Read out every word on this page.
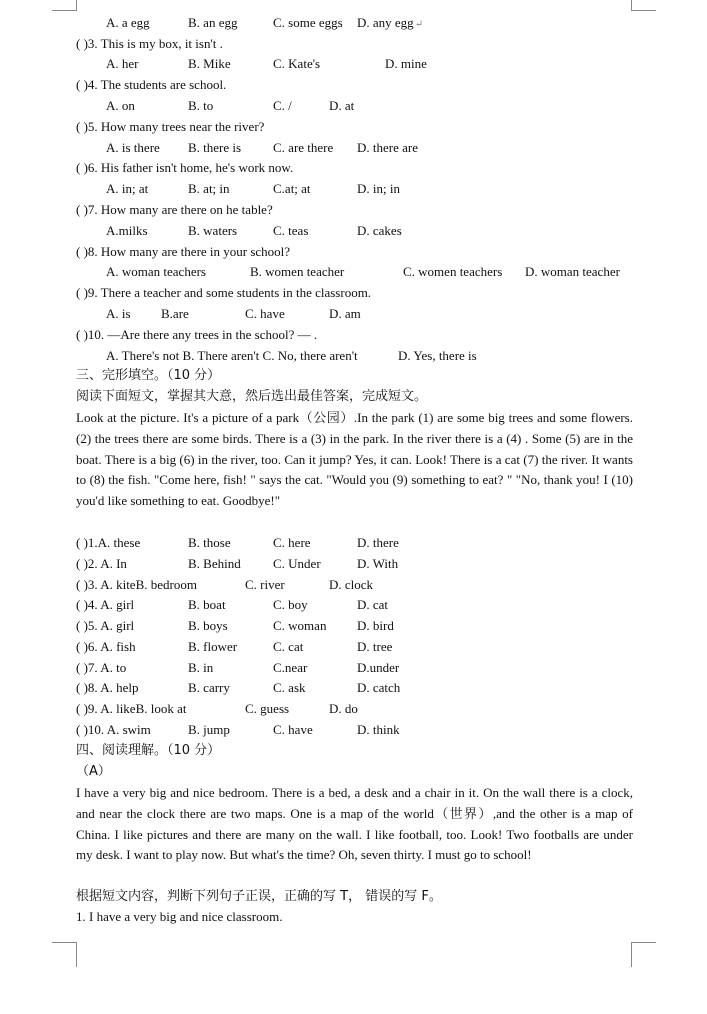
A. a egg	B. an egg	C. some eggs D. any egg↵
( )3. This is my box, it isn't .
A. her	B. Mike	C. Kate's	D. mine
( )4. The students are school.
A. on	B. to	C. /	D. at
( )5. How many trees near the river?
A. is there B. there is C. are there D. there are
( )6. His father isn't home, he's work now.
A. in; at	B. at; in	C.at; at	D. in; in
( )7. How many are there on he table?
A.milks	B. waters	C. teas	D. cakes
( )8. How many are there in your school?
A. woman teachers	B. women teacher	C. women teachers D. woman teacher
( )9. There a teacher and some students in the classroom.
A. is B.are	C. have	D. am
( )10. —Are there any trees in the school? — .
A. There's not B. There aren't C. No, there aren't	D. Yes, there is
三、完形填空。（10 分）
阅读下面短文，掌握其大意，然后选出最佳答案，完成短文。

Look at the picture. It's a picture of a park（公园）.In the park (1) are some big trees and some flowers. (2) the trees there are some birds. There is a (3) in the park. In the river there is a (4) . Some (5) are in the boat. There is a big (6) in the river, too. Can it jump? Yes, it can. Look! There is a cat (7) the river. It wants to (8) the fish. "Come here, fish! " says the cat. "Would you (9) something to eat? " "No, thank you! I (10) you'd like something to eat. Goodbye!"

( )1.A. these	B. those	C. here	D. there
( )2. A. In	B. Behind C. Under	D. With
( )3. A. kiteB. bedroom	C. river	D. clock
( )4. A. girl	B. boat	C. boy	D. cat
( )5. A. girl	B. boys	C. woman D. bird
( )6. A. fish	B. flower	C. cat	D. tree
( )7. A. to	B. in	C.near	D.under
( )8. A. help	B. carry	C. ask	D. catch
( )9. A. likeB. look at	C. guess	D. do
( )10. A. swim	B. jump	C. have	D. think
四、阅读理解。（10 分）
（A）

I have a very big and nice bedroom. There is a bed, a desk and a chair in it. On the wall there is a clock, and near the clock there are two maps. One is a map of the world（世界）,and the other is a map of China. I like pictures and there are many on the wall. I like football, too. Look! Two footballs are under my desk. I want to play now. But what's the time? Oh, seven thirty. I must go to school!

根据短文内容，判断下列句子正误，正确的写 T， 错误的写 F。
1. I have a very big and nice classroom.
